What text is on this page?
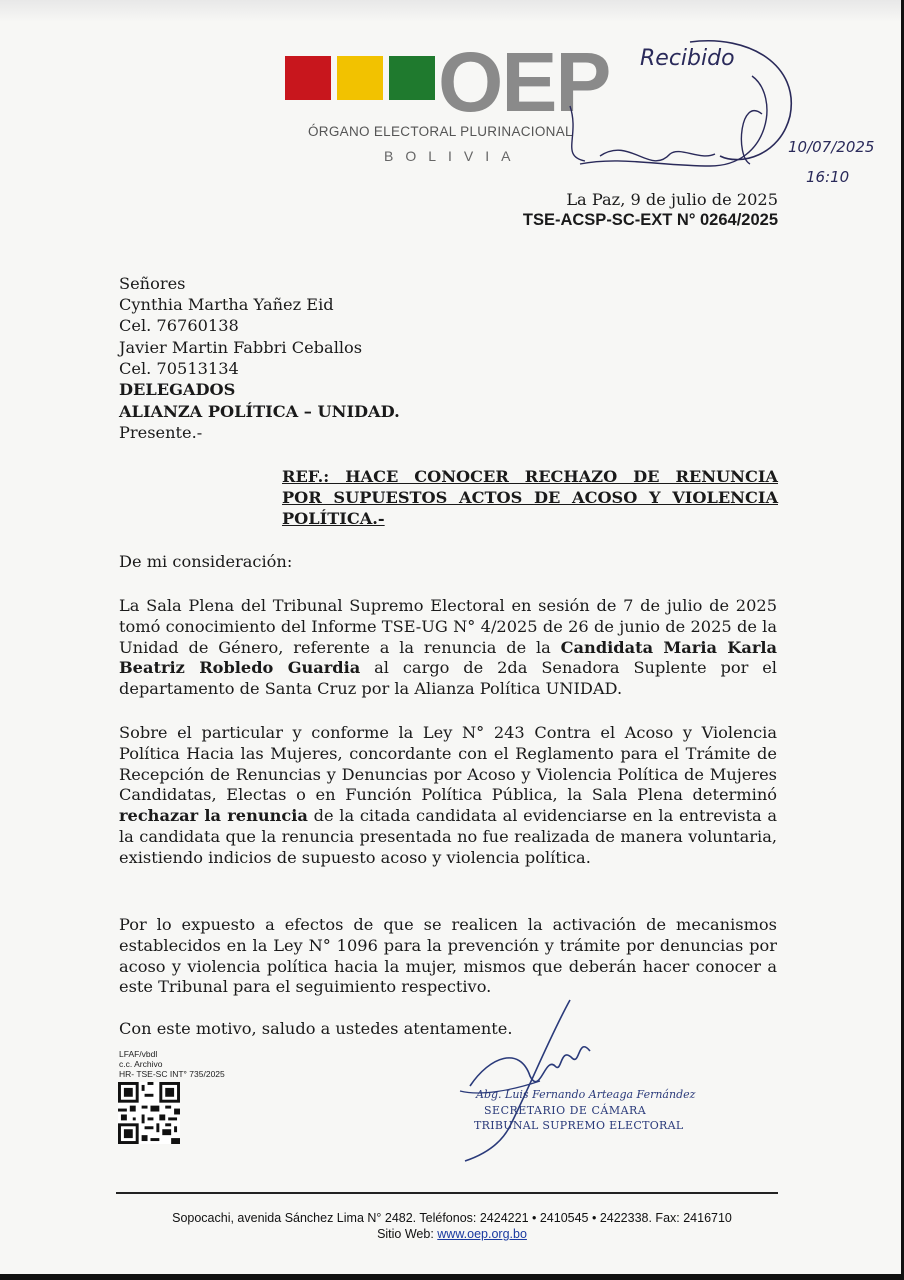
OEP
ÓRGANO ELECTORAL PLURINACIONAL
BOLIVIA
Recibido
10/07/2025
16:10
La Paz, 9 de julio de 2025
TSE-ACSP-SC-EXT N° 0264/2025
Señores
Cynthia Martha Yañez Eid
Cel. 76760138
Javier Martin Fabbri Ceballos
Cel. 70513134
DELEGADOS
ALIANZA POLÍTICA – UNIDAD.
Presente.-
REF.: HACE CONOCER RECHAZO DE RENUNCIA
POR SUPUESTOS ACTOS DE ACOSO Y VIOLENCIA
POLÍTICA.-
De mi consideración:
La Sala Plena del Tribunal Supremo Electoral en sesión de 7 de julio de 2025 tomó conocimiento del Informe TSE-UG N° 4/2025 de 26 de junio de 2025 de la Unidad de Género, referente a la renuncia de la Candidata Maria Karla Beatriz Robledo Guardia al cargo de 2da Senadora Suplente por el departamento de Santa Cruz por la Alianza Política UNIDAD.
Sobre el particular y conforme la Ley N° 243 Contra el Acoso y Violencia Política Hacia las Mujeres, concordante con el Reglamento para el Trámite de Recepción de Renuncias y Denuncias por Acoso y Violencia Política de Mujeres Candidatas, Electas o en Función Política Pública, la Sala Plena determinó rechazar la renuncia de la citada candidata al evidenciarse en la entrevista a la candidata que la renuncia presentada no fue realizada de manera voluntaria, existiendo indicios de supuesto acoso y violencia política.
Por lo expuesto a efectos de que se realicen la activación de mecanismos establecidos en la Ley N° 1096 para la prevención y trámite por denuncias por acoso y violencia política hacia la mujer, mismos que deberán hacer conocer a este Tribunal para el seguimiento respectivo.
Con este motivo, saludo a ustedes atentamente.
LFAF/vbdl
c.c. Archivo
HR- TSE-SC INT° 735/2025
Abg. Luis Fernando Arteaga Fernández
SECRETARIO DE CÁMARA
TRIBUNAL SUPREMO ELECTORAL
Sopocachi, avenida Sánchez Lima N° 2482. Teléfonos: 2424221 • 2410545 • 2422338. Fax: 2416710
Sitio Web: www.oep.org.bo
